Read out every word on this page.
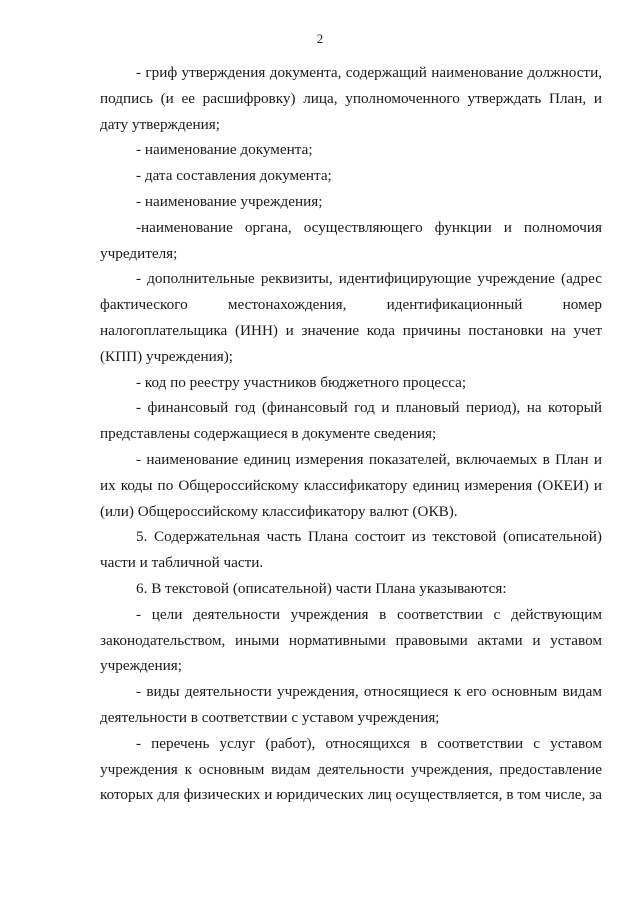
2

- гриф утверждения документа, содержащий наименование должности, подпись (и ее расшифровку) лица, уполномоченного утверждать План, и дату утверждения;

- наименование документа;

- дата составления документа;

- наименование учреждения;

-наименование органа, осуществляющего функции и полномочия учредителя;

- дополнительные реквизиты, идентифицирующие учреждение (адрес фактического местонахождения, идентификационный номер налогоплательщика (ИНН) и значение кода причины постановки на учет (КПП) учреждения);

- код по реестру участников бюджетного процесса;

- финансовый год (финансовый год и плановый период), на который представлены содержащиеся в документе сведения;

- наименование единиц измерения показателей, включаемых в План и их коды по Общероссийскому классификатору единиц измерения (ОКЕИ) и (или) Общероссийскому классификатору валют (ОКВ).

5. Содержательная часть Плана состоит из текстовой (описательной) части и табличной части.

6. В текстовой (описательной) части Плана указываются:

- цели деятельности учреждения в соответствии с действующим законодательством, иными нормативными правовыми актами и уставом учреждения;

- виды деятельности учреждения, относящиеся к его основным видам деятельности в соответствии с уставом учреждения;

- перечень услуг (работ), относящихся в соответствии с уставом учреждения к основным видам деятельности учреждения, предоставление которых для физических и юридических лиц осуществляется, в том числе, за
